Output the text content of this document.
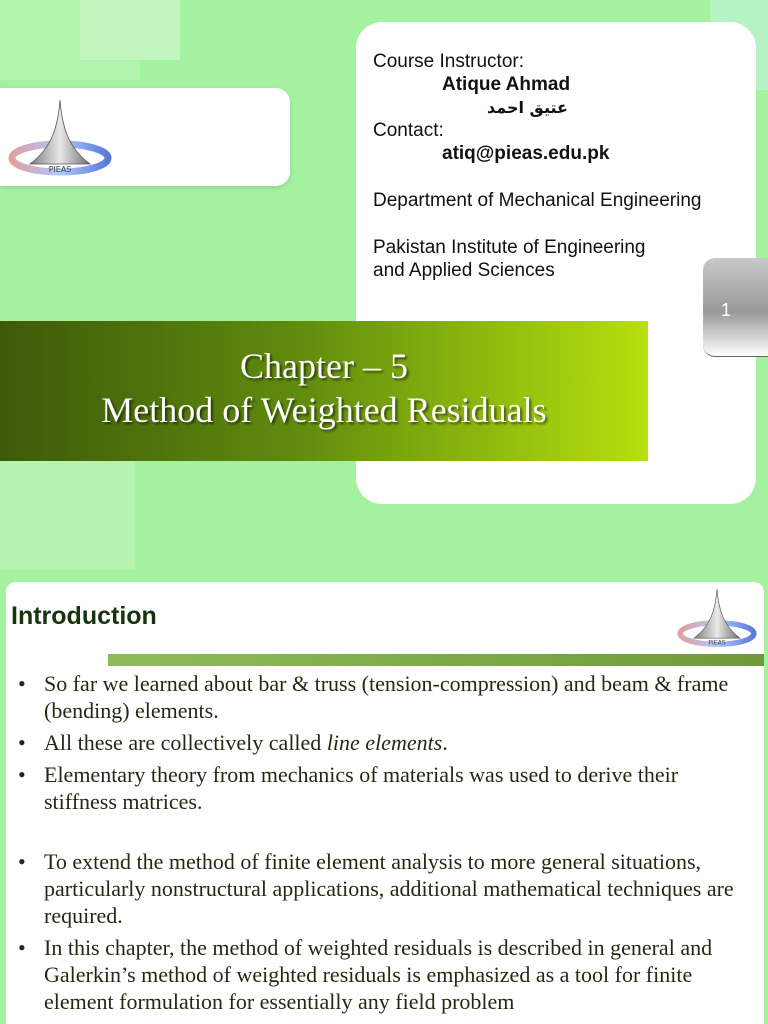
PIEAS
Course Instructor:
Atique Ahmad
عتیق احمد
Contact:
atiq@pieas.edu.pk
Department of Mechanical Engineering
Pakistan Institute of Engineering
and Applied Sciences
1
Chapter – 5
Method of Weighted Residuals
Introduction
PIEAS
• So far we learned about bar & truss (tension-compression) and beam & frame (bending) elements.
• All these are collectively called line elements.
• Elementary theory from mechanics of materials was used to derive their stiffness matrices.
• To extend the method of finite element analysis to more general situations, particularly nonstructural applications, additional mathematical techniques are required.
• In this chapter, the method of weighted residuals is described in general and Galerkin’s method of weighted residuals is emphasized as a tool for finite element formulation for essentially any field problem
